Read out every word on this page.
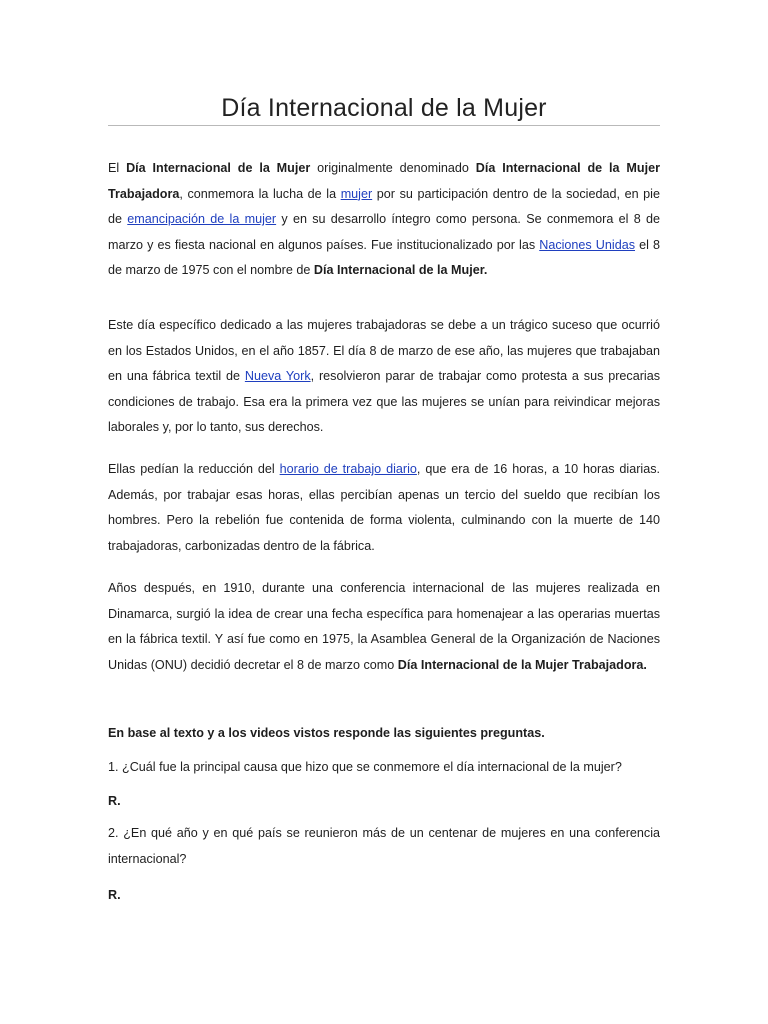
Día Internacional de la Mujer

El Día Internacional de la Mujer originalmente denominado Día Internacional de la Mujer Trabajadora, conmemora la lucha de la mujer por su participación dentro de la sociedad, en pie de emancipación de la mujer y en su desarrollo íntegro como persona. Se conmemora el 8 de marzo y es fiesta nacional en algunos países. Fue institucionalizado por las Naciones Unidas el 8 de marzo de 1975 con el nombre de Día Internacional de la Mujer.

Este día específico dedicado a las mujeres trabajadoras se debe a un trágico suceso que ocurrió en los Estados Unidos, en el año 1857. El día 8 de marzo de ese año, las mujeres que trabajaban en una fábrica textil de Nueva York, resolvieron parar de trabajar como protesta a sus precarias condiciones de trabajo. Esa era la primera vez que las mujeres se unían para reivindicar mejoras laborales y, por lo tanto, sus derechos.

Ellas pedían la reducción del horario de trabajo diario, que era de 16 horas, a 10 horas diarias. Además, por trabajar esas horas, ellas percibían apenas un tercio del sueldo que recibían los hombres. Pero la rebelión fue contenida de forma violenta, culminando con la muerte de 140 trabajadoras, carbonizadas dentro de la fábrica.

Años después, en 1910, durante una conferencia internacional de las mujeres realizada en Dinamarca, surgió la idea de crear una fecha específica para homenajear a las operarias muertas en la fábrica textil. Y así fue como en 1975, la Asamblea General de la Organización de Naciones Unidas (ONU) decidió decretar el 8 de marzo como Día Internacional de la Mujer Trabajadora.

En base al texto y a los videos vistos responde las siguientes preguntas.

1. ¿Cuál fue la principal causa que hizo que se conmemore el día internacional de la mujer?

R.

2. ¿En qué año y en qué país se reunieron más de un centenar de mujeres en una conferencia internacional?

R.
